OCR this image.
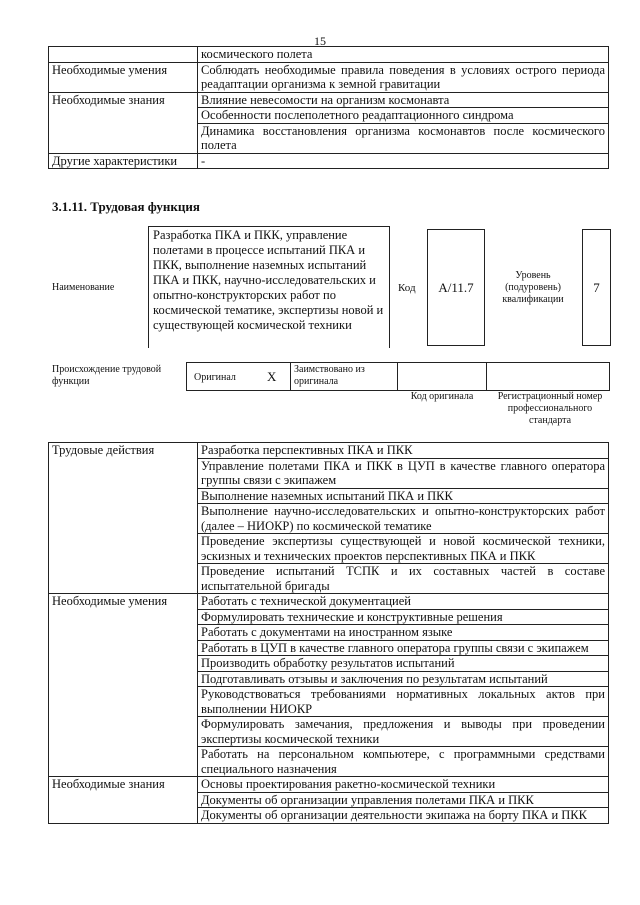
15
	космического полета
Необходимые умения	Соблюдать необходимые правила поведения в условиях острого периода реадаптации организма к земной гравитации
Необходимые знания	Влияние невесомости на организм космонавта
	Особенности послеполетного реадаптационного синдрома
	Динамика восстановления организма космонавтов после космического полета
Другие характеристики	-
3.1.11. Трудовая функция
Наименование
Разработка ПКА и ПКК, управление полетами в процессе испытаний ПКА и ПКК, выполнение наземных испытаний ПКА и ПКК, научно-исследовательских и опытно-конструкторских работ по космической тематике, экспертизы новой и существующей космической техники
Код А/11.7
Уровень (подуровень) квалификации
7
Происхождение трудовой функции	Оригинал X Заимствовано из оригинала
Код оригинала	Регистрационный номер профессионального стандарта
Трудовые действия	Разработка перспективных ПКА и ПКК
	Управление полетами ПКА и ПКК в ЦУП в качестве главного оператора группы связи с экипажем
	Выполнение наземных испытаний ПКА и ПКК
	Выполнение научно-исследовательских и опытно-конструкторских работ (далее – НИОКР) по космической тематике
	Проведение экспертизы существующей и новой космической техники, эскизных и технических проектов перспективных ПКА и ПКК
	Проведение испытаний ТСПК и их составных частей в составе испытательной бригады
Необходимые умения	Работать с технической документацией
	Формулировать технические и конструктивные решения
	Работать с документами на иностранном языке
	Работать в ЦУП в качестве главного оператора группы связи с экипажем
	Производить обработку результатов испытаний
	Подготавливать отзывы и заключения по результатам испытаний
	Руководствоваться требованиями нормативных локальных актов при выполнении НИОКР
	Формулировать замечания, предложения и выводы при проведении экспертизы космической техники
	Работать на персональном компьютере, с программными средствами специального назначения
Необходимые знания	Основы проектирования ракетно-космической техники
	Документы об организации управления полетами ПКА и ПКК
	Документы об организации деятельности экипажа на борту ПКА и ПКК
